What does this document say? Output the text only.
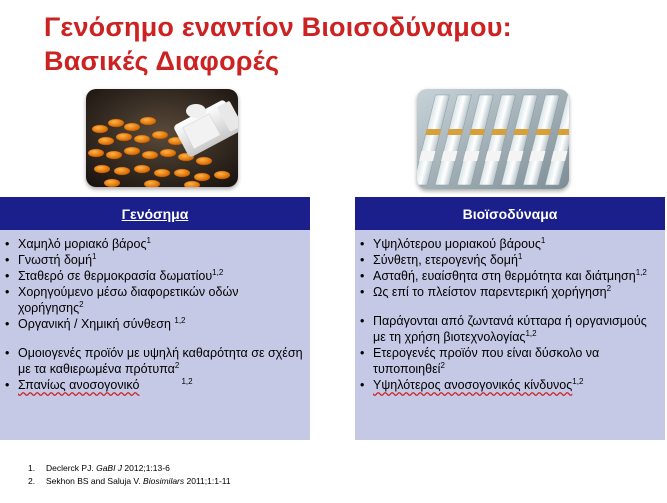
Γενόσημο εναντίον Βιοισοδύναμου:
Βασικές Διαφορές
Γενόσημα
• Χαμηλό μοριακό βάρος$^1$
• Γνωστή δομή$^1$
• Σταθερό σε θερμοκρασία δωματίου$^{1,2}$
• Χορηγούμενο μέσω διαφορετικών οδών χορήγησης$^2$
• Οργανική / Χημική σύνθεση $^{1,2}$
• Ομοιογενές προϊόν με υψηλή καθαρότητα σε σχέση με τα καθιερωμένα πρότυπα$^2$
• Σπανίως ανοσογονικό	$^{1,2}$
Βιοϊσοδύναμα
• Υψηλότερου μοριακού βάρους$^1$
• Σύνθετη, ετερογενής δομή$^1$
• Ασταθή, ευαίσθητα στη θερμότητα και διάτμηση$^{1,2}$
• Ως επί το πλείστον παρεντερική χορήγηση$^2$
• Παράγονται από ζωντανά κύτταρα ή οργανισμούς με τη χρήση βιοτεχνολογίας$^{1,2}$
• Ετερογενές προϊόν που είναι δύσκολο να τυποποιηθεί$^2$
• Υψηλότερος ανοσογονικός κίνδυνος$^{1,2}$
1. Declerck PJ. GaBI J 2012;1:13-6
2. Sekhon BS and Saluja V. Biosimilars 2011;1:1-11
